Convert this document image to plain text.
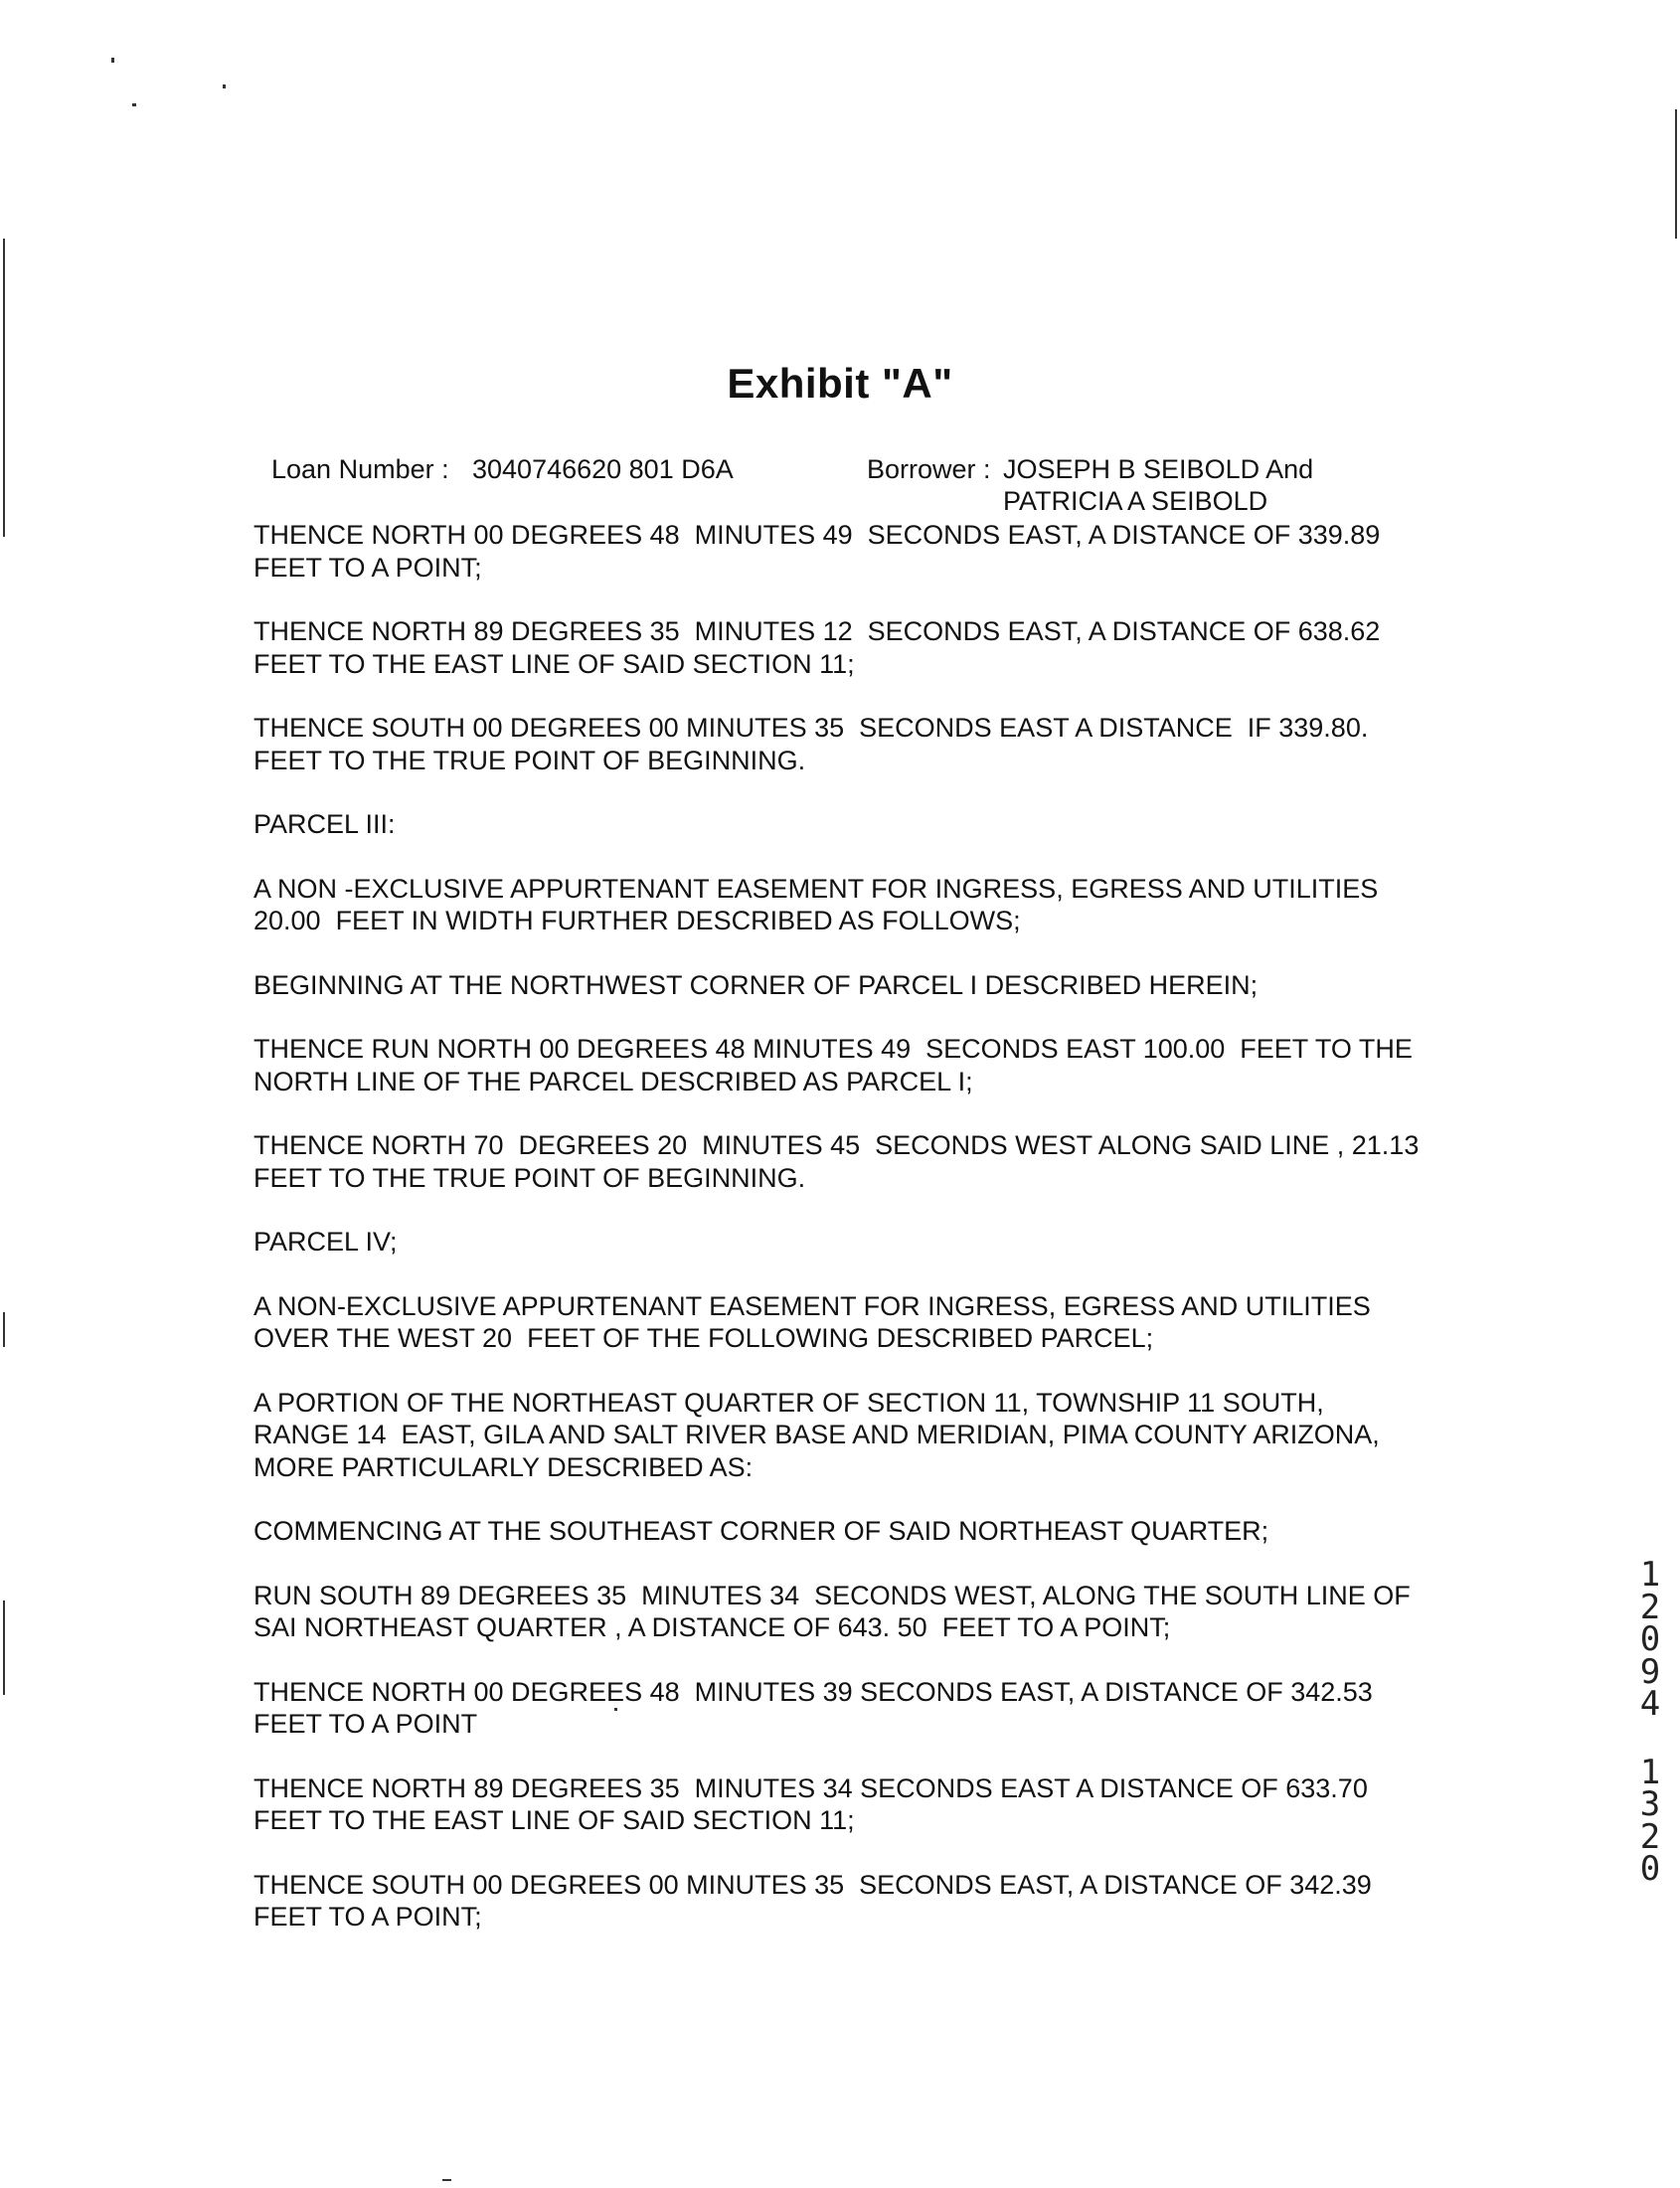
Exhibit "A"
Loan Number : 3040746620 801 D6A	Borrower : JOSEPH B SEIBOLD And
PATRICIA A SEIBOLD
THENCE NORTH 00 DEGREES 48  MINUTES 49  SECONDS EAST, A DISTANCE OF 339.89
FEET TO A POINT;
THENCE NORTH 89 DEGREES 35  MINUTES 12  SECONDS EAST, A DISTANCE OF 638.62
FEET TO THE EAST LINE OF SAID SECTION 11;
THENCE SOUTH 00 DEGREES 00 MINUTES 35  SECONDS EAST A DISTANCE  IF 339.80.
FEET TO THE TRUE POINT OF BEGINNING.
PARCEL III:
A NON -EXCLUSIVE APPURTENANT EASEMENT FOR INGRESS, EGRESS AND UTILITIES
20.00  FEET IN WIDTH FURTHER DESCRIBED AS FOLLOWS;
BEGINNING AT THE NORTHWEST CORNER OF PARCEL I DESCRIBED HEREIN;
THENCE RUN NORTH 00 DEGREES 48 MINUTES 49  SECONDS EAST 100.00  FEET TO THE
NORTH LINE OF THE PARCEL DESCRIBED AS PARCEL I;
THENCE NORTH 70  DEGREES 20  MINUTES 45  SECONDS WEST ALONG SAID LINE , 21.13
FEET TO THE TRUE POINT OF BEGINNING.
PARCEL IV;
A NON-EXCLUSIVE APPURTENANT EASEMENT FOR INGRESS, EGRESS AND UTILITIES
OVER THE WEST 20  FEET OF THE FOLLOWING DESCRIBED PARCEL;
A PORTION OF THE NORTHEAST QUARTER OF SECTION 11, TOWNSHIP 11 SOUTH,
RANGE 14  EAST, GILA AND SALT RIVER BASE AND MERIDIAN, PIMA COUNTY ARIZONA,
MORE PARTICULARLY DESCRIBED AS:
COMMENCING AT THE SOUTHEAST CORNER OF SAID NORTHEAST QUARTER;
RUN SOUTH 89 DEGREES 35  MINUTES 34  SECONDS WEST, ALONG THE SOUTH LINE OF
SAI NORTHEAST QUARTER , A DISTANCE OF 643. 50  FEET TO A POINT;
THENCE NORTH 00 DEGREES 48  MINUTES 39 SECONDS EAST, A DISTANCE OF 342.53
FEET TO A POINT
THENCE NORTH 89 DEGREES 35  MINUTES 34 SECONDS EAST A DISTANCE OF 633.70
FEET TO THE EAST LINE OF SAID SECTION 11;
THENCE SOUTH 00 DEGREES 00 MINUTES 35  SECONDS EAST, A DISTANCE OF 342.39
FEET TO A POINT;
1
2
0
9
4
1
3
2
0
